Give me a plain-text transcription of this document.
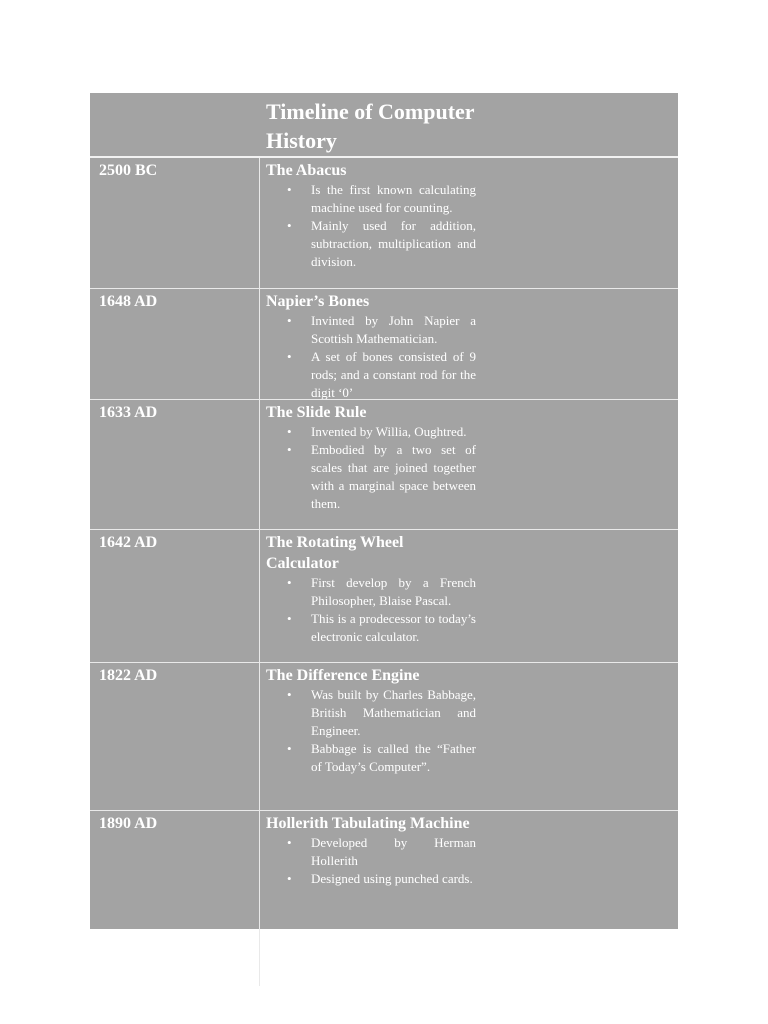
Timeline of Computer History
2500 BC	The Abacus
• Is the first known calculating machine used for counting.
• Mainly used for addition, subtraction, multiplication and division.
1648 AD	Napier’s Bones
• Invinted by John Napier a Scottish Mathematician.
• A set of bones consisted of 9 rods; and a constant rod for the digit ‘0’
1633 AD	The Slide Rule
• Invented by Willia, Oughtred.
• Embodied by a two set of scales that are joined together with a marginal space between them.
1642 AD	The Rotating Wheel Calculator
• First develop by a French Philosopher, Blaise Pascal.
• This is a prodecessor to today’s electronic calculator.
1822 AD	The Difference Engine
• Was built by Charles Babbage, British Mathematician and Engineer.
• Babbage is called the “Father of Today’s Computer”.
1890 AD	Hollerith Tabulating Machine
• Developed by Herman Hollerith
• Designed using punched cards.
